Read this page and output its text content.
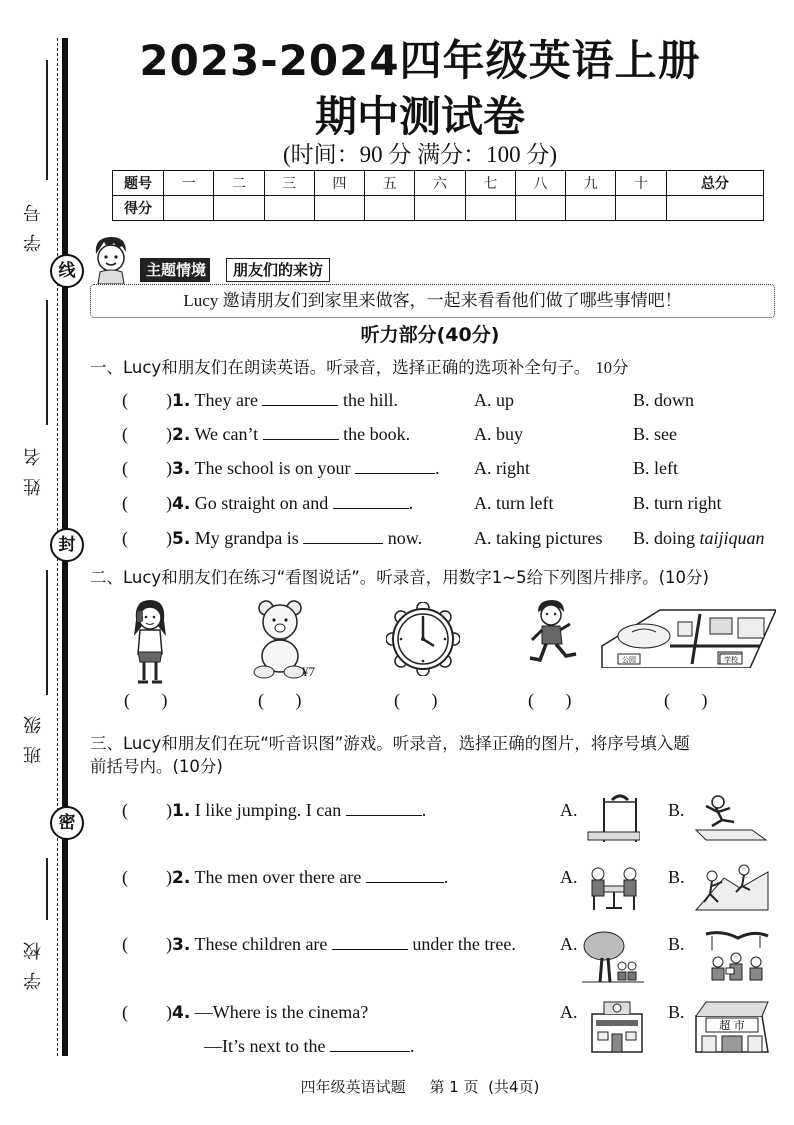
学号
姓名
班级
学校
线
封
密
2023-2024四年级英语上册
期中测试卷
(时间：90 分 满分：100 分)
题号	一	二	三	四	五	六	七	八	九	十	总分
得分											
主题情境	朋友们的来访
Lucy 邀请朋友们到家里来做客，一起来看看他们做了哪些事情吧！
听力部分(40分)
一、Lucy和朋友们在朗读英语。听录音，选择正确的选项补全句子。 10分
( )1. They are	the hill.	A. up	B. down
( )2. We can’t	the book.	A. buy	B. see
( )3. The school is on your	. A. right	B. left
( )4. Go straight on and	.	A. turn left	B. turn right
( )5. My grandpa is	now.	A. taking pictures B. doing taijiquan
二、Lucy和朋友们在练习“看图说话”。听录音，用数字1~5给下列图片排序。(10分)
¥7
公园	学校
(       )	(       )	(       )	(       )	(       )
三、Lucy和朋友们在玩“听音识图”游戏。听录音，选择正确的图片，将序号填入题
前括号内。(10分)
( )1. I like jumping. I can	.	A.	B.
( )2. The men over there are	.	A.	B.
( )3. These children are	under the tree. A.	B.
( )4. —Where is the cinema?
—It’s next to the	.
A.	B.
超 市
四年级英语试题     第 1 页  (共4页)
